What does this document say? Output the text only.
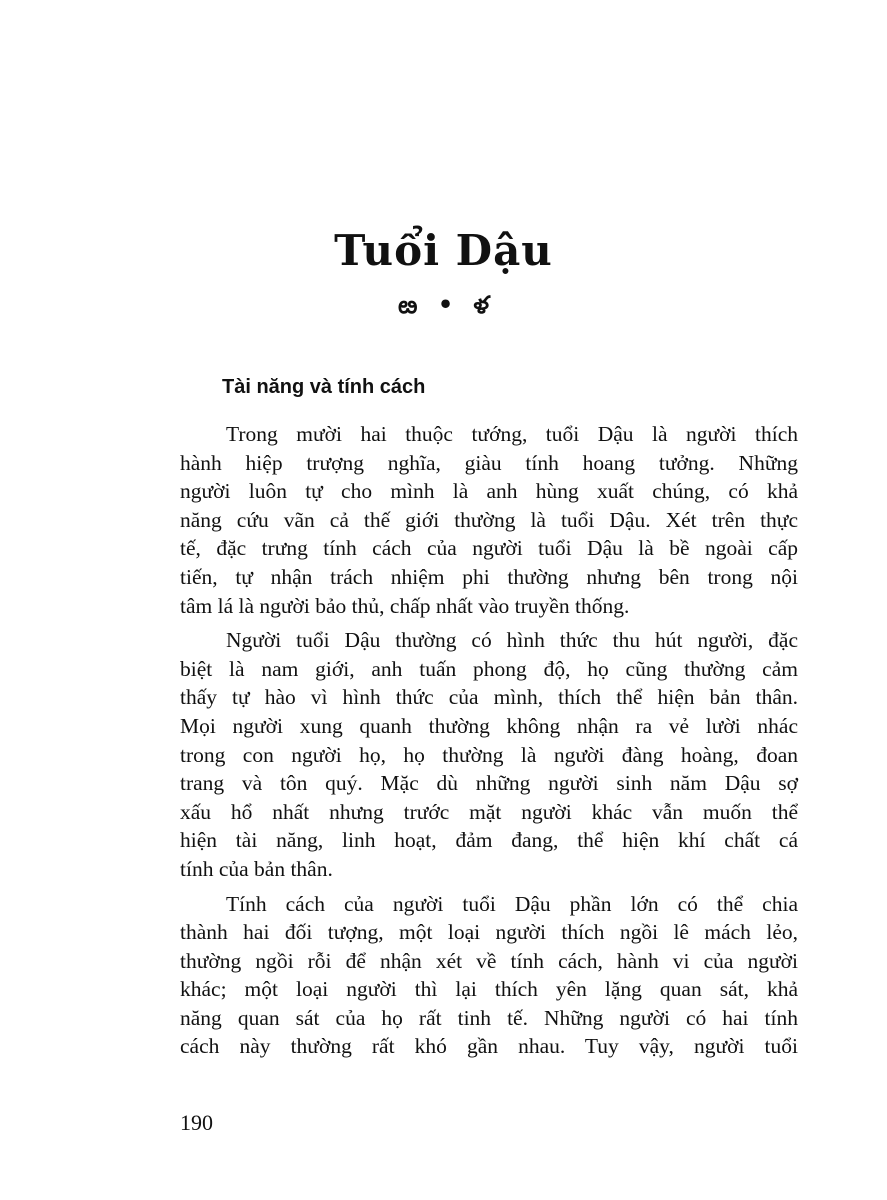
Tuổi Dậu
ఴ • ళ
Tài năng và tính cách
Trong mười hai thuộc tướng, tuổi Dậu là người thích
hành hiệp trượng nghĩa, giàu tính hoang tưởng. Những
người luôn tự cho mình là anh hùng xuất chúng, có khả
năng cứu vãn cả thế giới thường là tuổi Dậu. Xét trên thực
tế, đặc trưng tính cách của người tuổi Dậu là bề ngoài cấp
tiến, tự nhận trách nhiệm phi thường nhưng bên trong nội
tâm lá là người bảo thủ, chấp nhất vào truyền thống.
Người tuổi Dậu thường có hình thức thu hút người, đặc
biệt là nam giới, anh tuấn phong độ, họ cũng thường cảm
thấy tự hào vì hình thức của mình, thích thể hiện bản thân.
Mọi người xung quanh thường không nhận ra vẻ lười nhác
trong con người họ, họ thường là người đàng hoàng, đoan
trang và tôn quý. Mặc dù những người sinh năm Dậu sợ
xấu hổ nhất nhưng trước mặt người khác vẫn muốn thể
hiện tài năng, linh hoạt, đảm đang, thể hiện khí chất cá
tính của bản thân.
Tính cách của người tuổi Dậu phần lớn có thể chia
thành hai đối tượng, một loại người thích ngồi lê mách lẻo,
thường ngồi rỗi để nhận xét về tính cách, hành vi của người
khác; một loại người thì lại thích yên lặng quan sát, khả
năng quan sát của họ rất tinh tế. Những người có hai tính
cách này thường rất khó gần nhau. Tuy vậy, người tuổi

190
